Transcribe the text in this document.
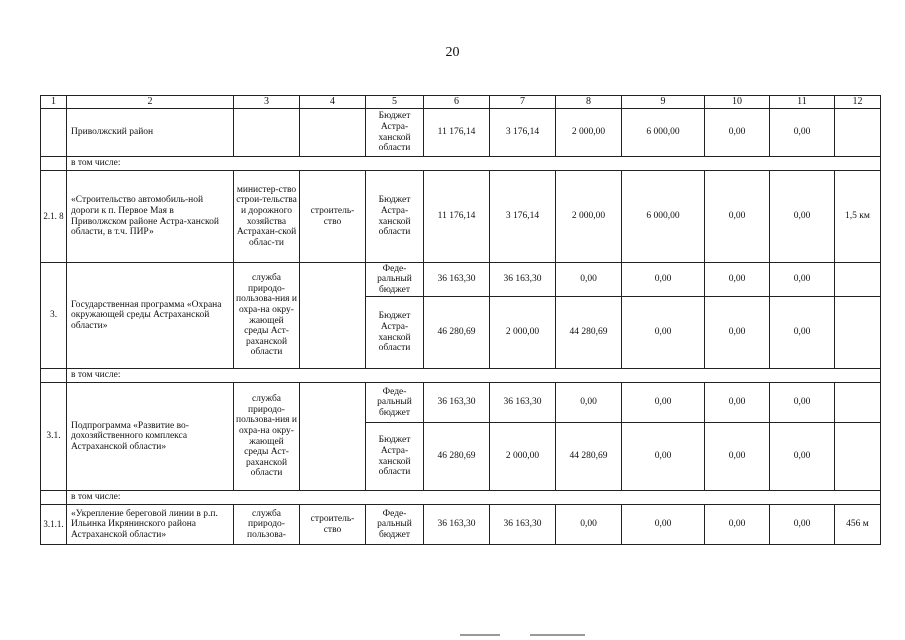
20
1	2	3	4	5	6	7	8	9	10	11	12
	Приволжский район			Бюджет Астра-ханской области	11 176,14	3 176,14	2 000,00	6 000,00	0,00	0,00	
	в том числе:										
2.1. 8	«Строительство автомобиль-ной дороги к п. Первое Мая в Приволжском районе Астра-ханской области, в т.ч. ПИР»	министер-ство строи-тельства и дорожного хозяйства Астрахан-ской облас-ти	строитель-ство	Бюджет Астра-ханской области	11 176,14	3 176,14	2 000,00	6 000,00	0,00	0,00	1,5 км
3.	Государственная программа «Охрана окружающей среды Астраханской области»	служба природо-пользова-ния и охра-на окру-жающей среды Аст-раханской области		Феде-ральный бюджет	36 163,30	36 163,30	0,00	0,00	0,00	0,00	
				Бюджет Астра-ханской области	46 280,69	2 000,00	44 280,69	0,00	0,00	0,00	
	в том числе:										
3.1.	Подпрограмма «Развитие во-дохозяйственного комплекса Астраханской области»	служба природо-пользова-ния и охра-на окру-жающей среды Аст-раханской области		Феде-ральный бюджет	36 163,30	36 163,30	0,00	0,00	0,00	0,00	
				Бюджет Астра-ханской области	46 280,69	2 000,00	44 280,69	0,00	0,00	0,00	
	в том числе:										
3.1.1.	«Укрепление береговой линии в р.п. Ильинка Икрянинского района Астраханской области»	служба природо-пользова-	строитель-ство	Феде-ральный бюджет	36 163,30	36 163,30	0,00	0,00	0,00	0,00	456 м
